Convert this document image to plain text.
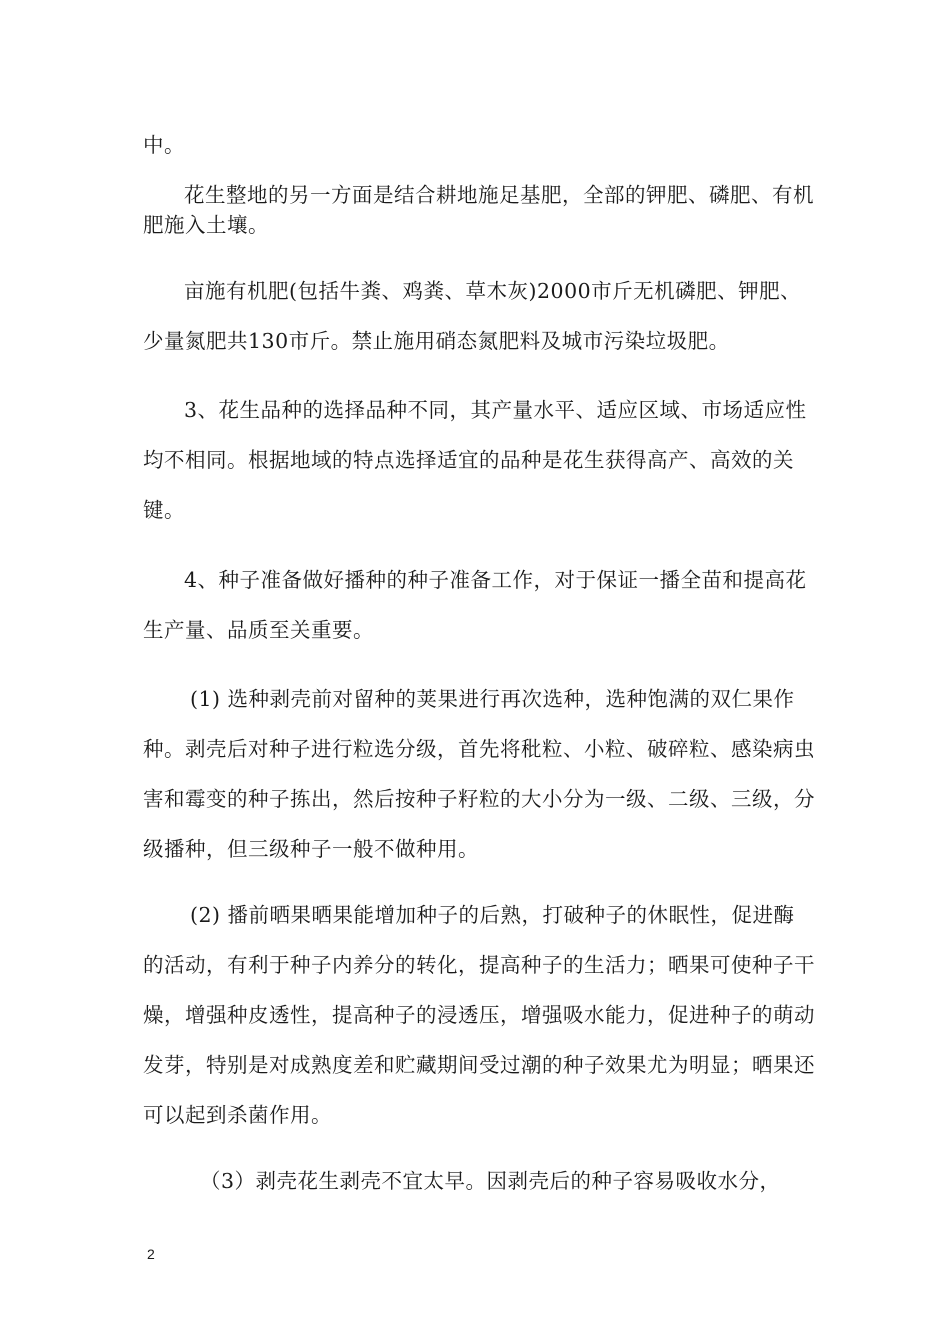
中。

花生整地的另一方面是结合耕地施足基肥，全部的钾肥、磷肥、有机肥施入土壤。

亩施有机肥(包括牛粪、鸡粪、草木灰)2000市斤无机磷肥、钾肥、少量氮肥共130市斤。禁止施用硝态氮肥料及城市污染垃圾肥。

3、花生品种的选择品种不同，其产量水平、适应区域、市场适应性均不相同。根据地域的特点选择适宜的品种是花生获得高产、高效的关键。

4、种子准备做好播种的种子准备工作，对于保证一播全苗和提高花生产量、品质至关重要。

(1) 选种剥壳前对留种的荚果进行再次选种，选种饱满的双仁果作种。剥壳后对种子进行粒选分级，首先将秕粒、小粒、破碎粒、感染病虫害和霉变的种子拣出，然后按种子籽粒的大小分为一级、二级、三级，分级播种，但三级种子一般不做种用。

(2) 播前晒果晒果能增加种子的后熟，打破种子的休眠性，促进酶的活动，有利于种子内养分的转化，提高种子的生活力；晒果可使种子干燥，增强种皮透性，提高种子的浸透压，增强吸水能力，促进种子的萌动发芽，特别是对成熟度差和贮藏期间受过潮的种子效果尤为明显；晒果还可以起到杀菌作用。

（3）剥壳花生剥壳不宜太早。因剥壳后的种子容易吸收水分，

2
